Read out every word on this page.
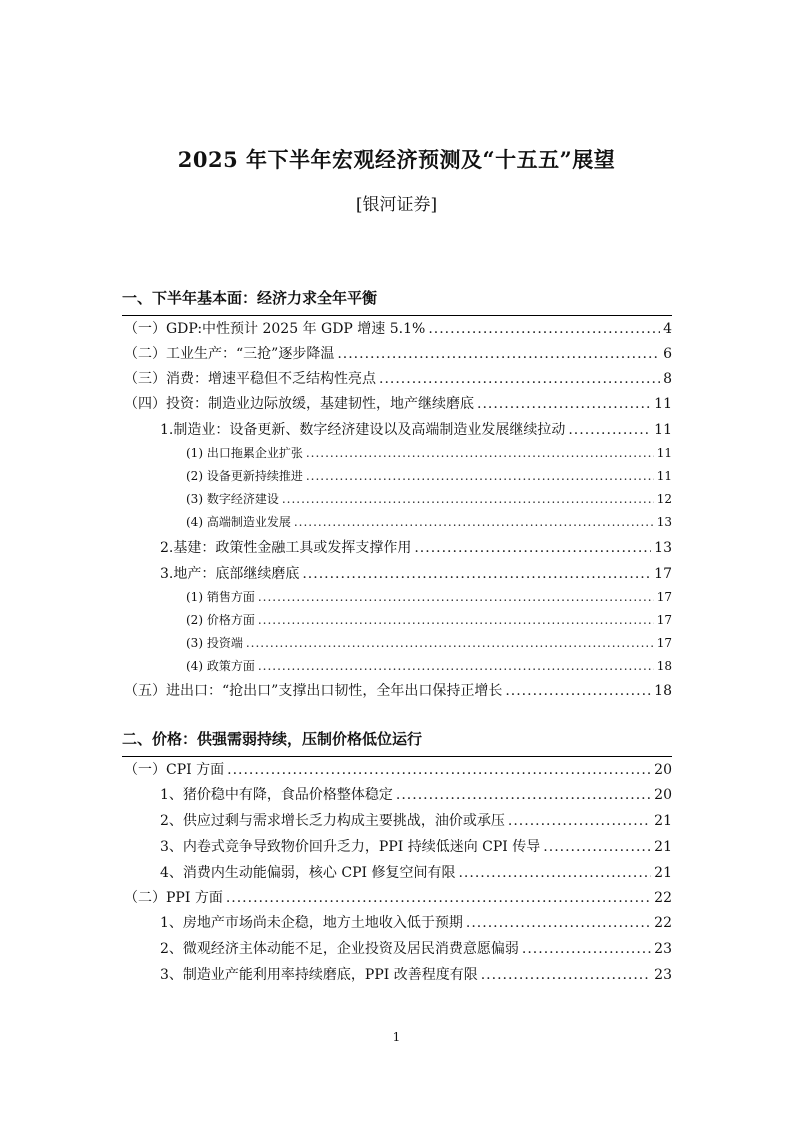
2025 年下半年宏观经济预测及“十五五”展望
[银河证券]
一、下半年基本面：经济力求全年平衡
（一）GDP:中性预计 2025 年 GDP 增速 5.1% .....	4
（二）工业生产：“三抢”逐步降温 .....	6
（三）消费：增速平稳但不乏结构性亮点 .....	8
（四）投资：制造业边际放缓，基建韧性，地产继续磨底 .....	11
1.制造业：设备更新、数字经济建设以及高端制造业发展继续拉动 .....	11
(1) 出口拖累企业扩张 .....	11
(2) 设备更新持续推进 .....	11
(3) 数字经济建设 .....	12
(4) 高端制造业发展 .....	13
2.基建：政策性金融工具或发挥支撑作用 .....	13
3.地产：底部继续磨底 .....	17
(1) 销售方面 .....	17
(2) 价格方面 .....	17
(3) 投资端 .....	17
(4) 政策方面 .....	18
（五）进出口：“抢出口”支撑出口韧性，全年出口保持正增长 .....	18
二、价格：供强需弱持续，压制价格低位运行
（一）CPI 方面 .....	20
1、猪价稳中有降，食品价格整体稳定 .....	20
2、供应过剩与需求增长乏力构成主要挑战，油价或承压 .....	21
3、内卷式竞争导致物价回升乏力，PPI 持续低迷向 CPI 传导 .....	21
4、消费内生动能偏弱，核心 CPI 修复空间有限 .....	21
（二）PPI 方面 .....	22
1、房地产市场尚未企稳，地方土地收入低于预期 .....	22
2、微观经济主体动能不足，企业投资及居民消费意愿偏弱 .....	23
3、制造业产能利用率持续磨底，PPI 改善程度有限 .....	23
1
